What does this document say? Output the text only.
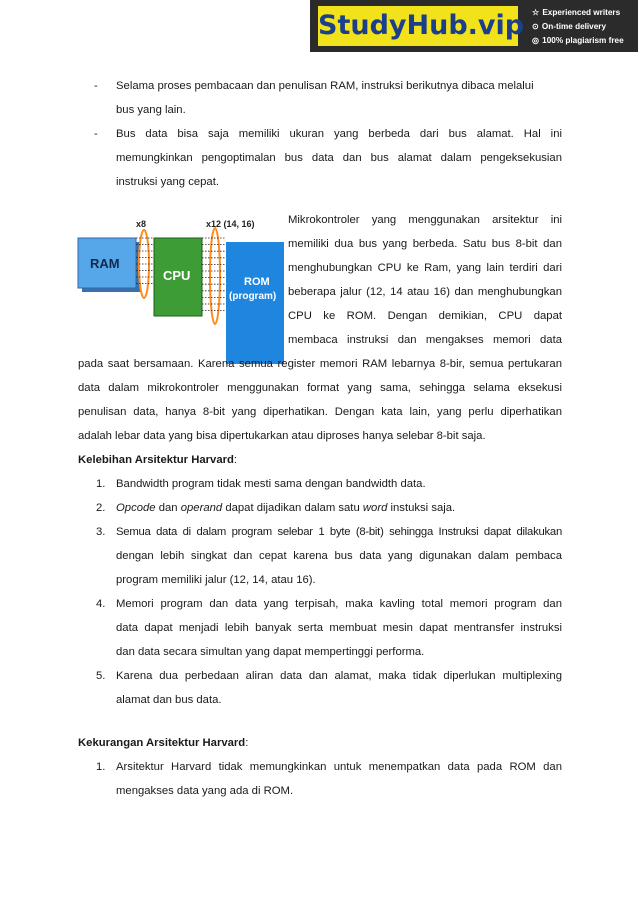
StudyHub.vip ☆ Experienced writers
⊙ On-time delivery
◎ 100% plagiarism free
- Selama proses pembacaan dan penulisan RAM, instruksi berikutnya dibaca melalui
bus yang lain.
- Bus data bisa saja memiliki ukuran yang berbeda dari bus alamat. Hal ini
memungkinkan pengoptimalan bus data dan bus alamat dalam pengeksekusian
instruksi yang cepat.
x8	x12 (14, 16)
RAM
CPU	ROM
(program)
Mikrokontroler yang menggunakan arsitektur ini
memiliki dua bus yang berbeda. Satu bus 8-bit dan
menghubungkan CPU ke Ram, yang lain terdiri dari
beberapa jalur (12, 14 atau 16) dan menghubungkan
CPU ke ROM. Dengan demikian, CPU dapat
membaca instruksi dan mengakses memori data
pada saat bersamaan. Karena semua register memori RAM lebarnya 8-bir, semua pertukaran
data dalam mikrokontroler menggunakan format yang sama, sehingga selama eksekusi
penulisan data, hanya 8-bit yang diperhatikan. Dengan kata lain, yang perlu diperhatikan
adalah lebar data yang bisa dipertukarkan atau diproses hanya selebar 8-bit saja.
Kelebihan Arsitektur Harvard:
1. Bandwidth program tidak mesti sama dengan bandwidth data.
2. Opcode dan operand dapat dijadikan dalam satu word instuksi saja.
3. Semua data di dalam program selebar 1 byte (8-bit) sehingga Instruksi dapat dilakukan
dengan lebih singkat dan cepat karena bus data yang digunakan dalam pembaca
program memiliki jalur (12, 14, atau 16).
4. Memori program dan data yang terpisah, maka kavling total memori program dan
data dapat menjadi lebih banyak serta membuat mesin dapat mentransfer instruksi
dan data secara simultan yang dapat mempertinggi performa.
5. Karena dua perbedaan aliran data dan alamat, maka tidak diperlukan multiplexing
alamat dan bus data.
Kekurangan Arsitektur Harvard:
1. Arsitektur Harvard tidak memungkinkan untuk menempatkan data pada ROM dan
mengakses data yang ada di ROM.
